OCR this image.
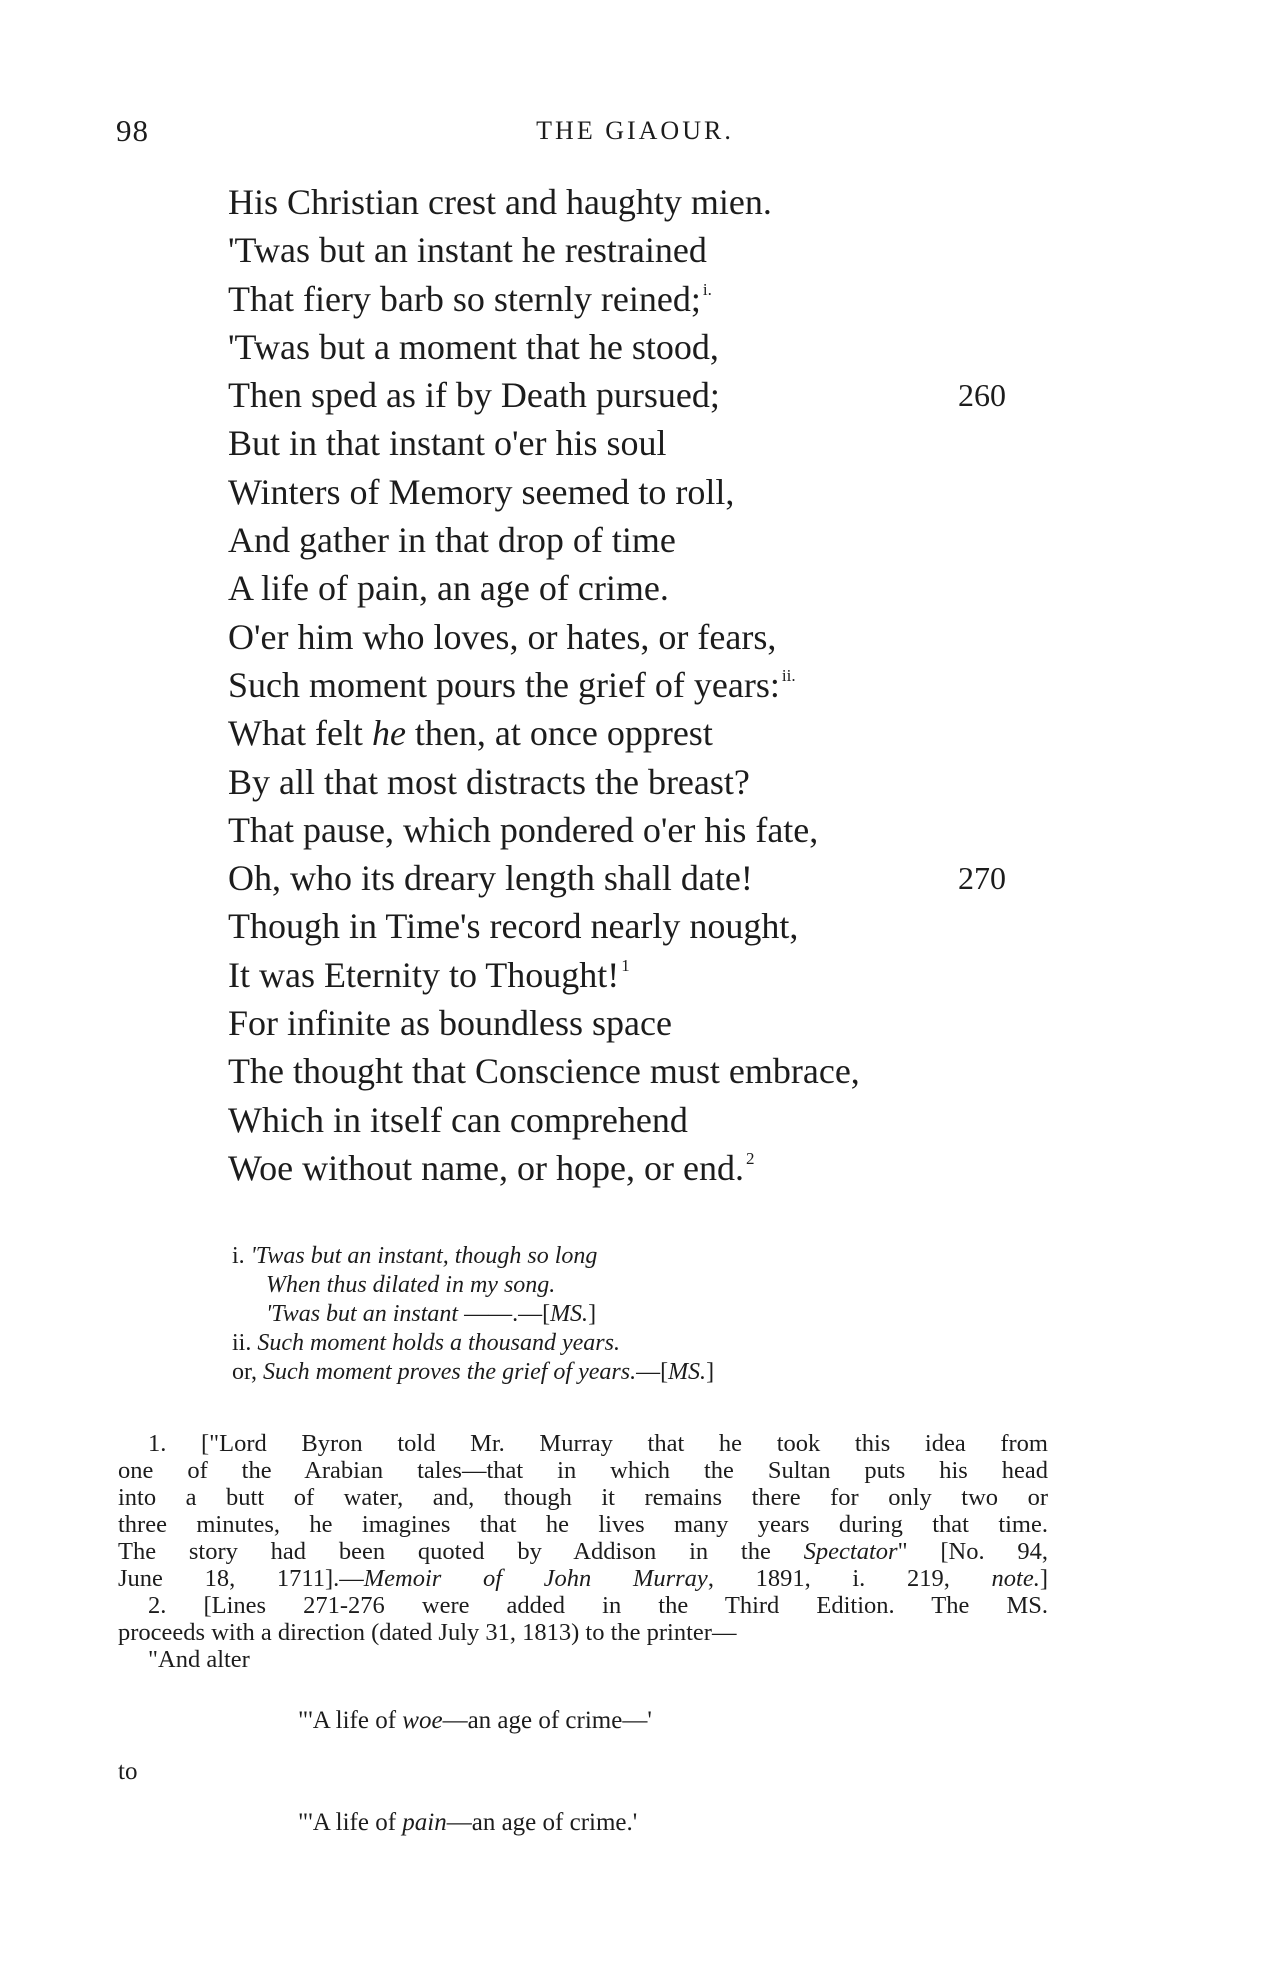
98	THE GIAOUR.
His Christian crest and haughty mien.
'Twas but an instant he restrained
That fiery barb so sternly reined; $^{i.}$
'Twas but a moment that he stood,
Then sped as if by Death pursued;	260
But in that instant o'er his soul
Winters of Memory seemed to roll,
And gather in that drop of time
A life of pain, an age of crime.
O'er him who loves, or hates, or fears,
Such moment pours the grief of years: $^{ii.}$
What felt he then, at once opprest
By all that most distracts the breast?
That pause, which pondered o'er his fate,
Oh, who its dreary length shall date!	270
Though in Time's record nearly nought,
It was Eternity to Thought! $^1$
For infinite as boundless space
The thought that Conscience must embrace,
Which in itself can comprehend
Woe without name, or hope, or end. $^2$
i. 'Twas but an instant, though so long
When thus dilated in my song.
'Twas but an instant ——.—[MS.]
ii. Such moment holds a thousand years.
or, Such moment proves the grief of years.—[MS.]
1. ["Lord Byron told Mr. Murray that he took this idea from
one of the Arabian tales—that in which the Sultan puts his head
into a butt of water, and, though it remains there for only two or
three minutes, he imagines that he lives many years during that time.
The story had been quoted by Addison in the Spectator" [No. 94,
June 18, 1711].—Memoir of John Murray, 1891, i. 219, note.]
2. [Lines 271-276 were added in the Third Edition. The MS.
proceeds with a direction (dated July 31, 1813) to the printer—
"And alter
"'A life of woe—an age of crime—'
to
"'A life of pain—an age of crime.'
